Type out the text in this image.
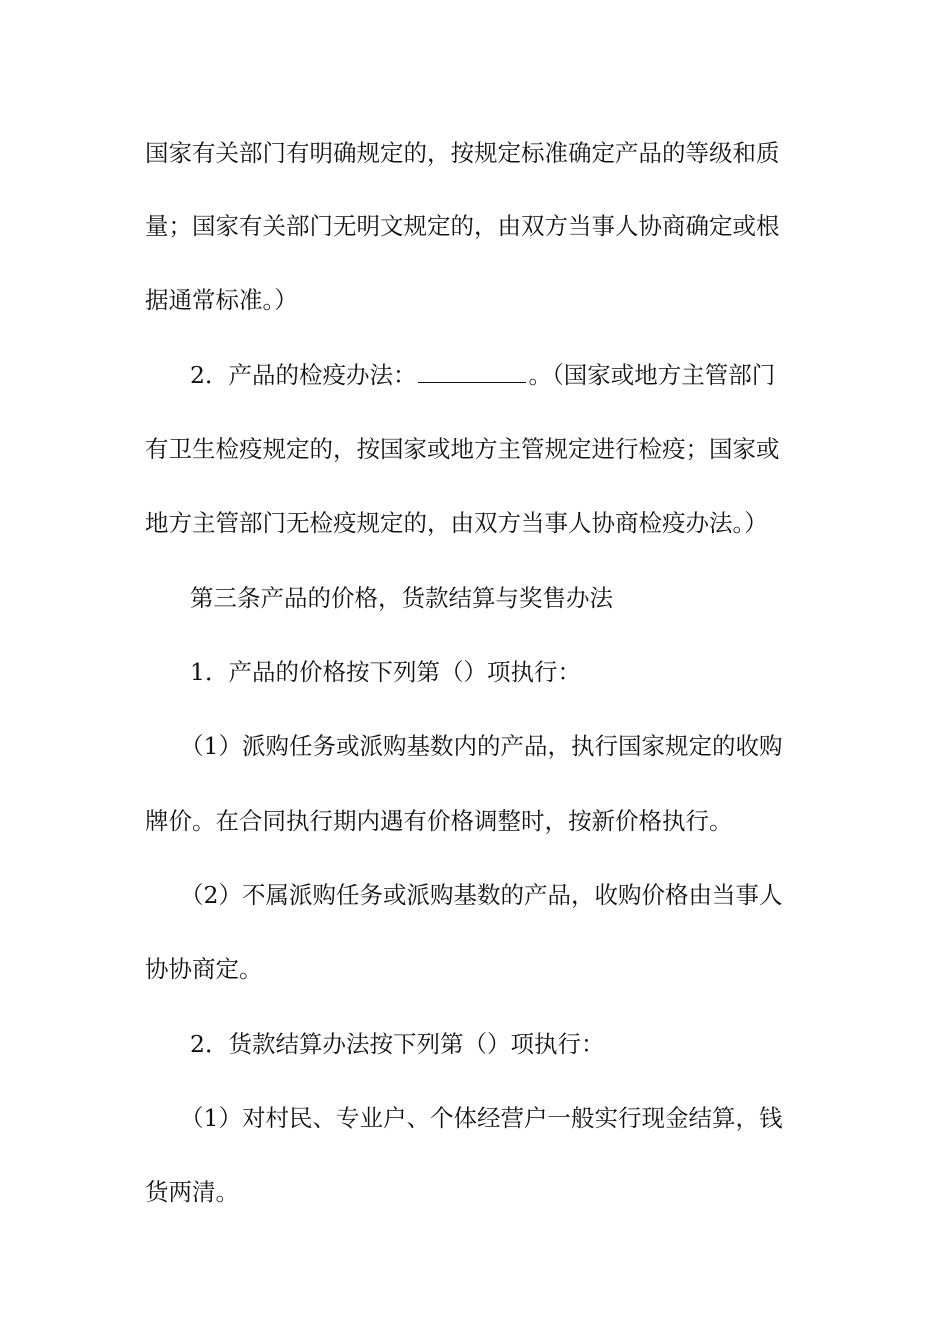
国家有关部门有明确规定的，按规定标准确定产品的等级和质
量；国家有关部门无明文规定的，由双方当事人协商确定或根
据通常标准。）
2．产品的检疫办法：	。（国家或地方主管部门
有卫生检疫规定的，按国家或地方主管规定进行检疫；国家或
地方主管部门无检疫规定的，由双方当事人协商检疫办法。）
第三条产品的价格，货款结算与奖售办法
1．产品的价格按下列第（）项执行：
（1）派购任务或派购基数内的产品，执行国家规定的收购
牌价。在合同执行期内遇有价格调整时，按新价格执行。
（2）不属派购任务或派购基数的产品，收购价格由当事人
协协商定。
2．货款结算办法按下列第（）项执行：
（1）对村民、专业户、个体经营户一般实行现金结算，钱
货两清。
